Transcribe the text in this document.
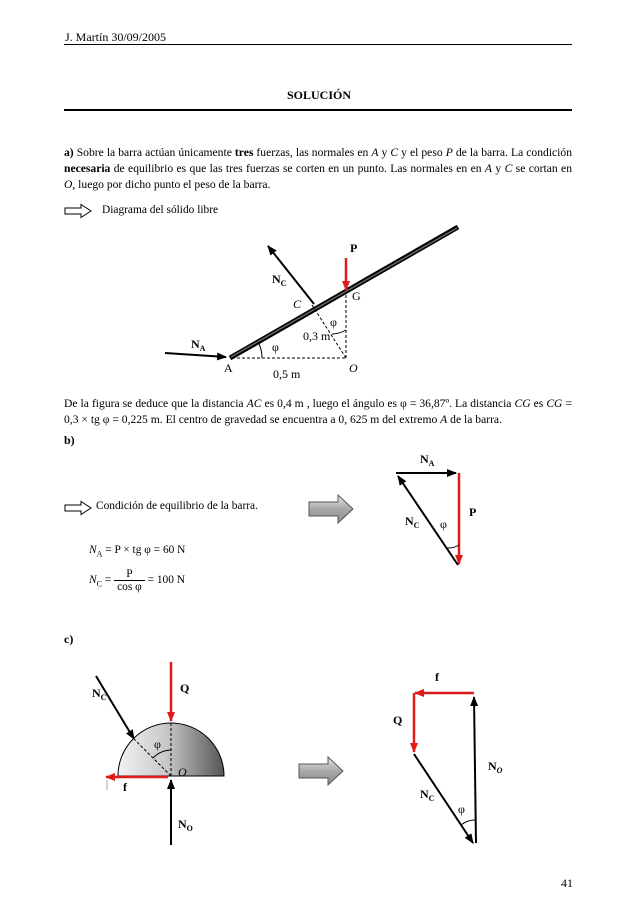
J. Martín 30/09/2005
SOLUCIÓN
a) Sobre la barra actúan únicamente tres fuerzas, las normales en A y C y el peso P de la barra. La condición necesaria de equilibrio es que las tres fuerzas se corten en un punto. Las normales en en A y C se cortan en O, luego por dicho punto el peso de la barra.
Diagrama del sólido libre
P
$N_C$
G
C
φ
0,3 m
$N_A$	φ
A	O
0,5 m
De la figura se deduce que la distancia AC es 0,4 m , luego el ángulo es φ = 36,87º. La distancia CG es CG = 0,3 × tg φ = 0,225 m. El centro de gravedad se encuentra a 0, 625 m del extremo A de la barra.
b)
Condición de equilibrio de la barra.
$N_A = P$ × tg φ = 60 N
$N_C = \frac{P}{\text{cos φ}} = 100$ N
$N_A$
P
$N_C$ φ
c)
$N_C$
Q
φ
O
f
$N_O$
f
Q
$N_O$
$N_C$
φ
41
